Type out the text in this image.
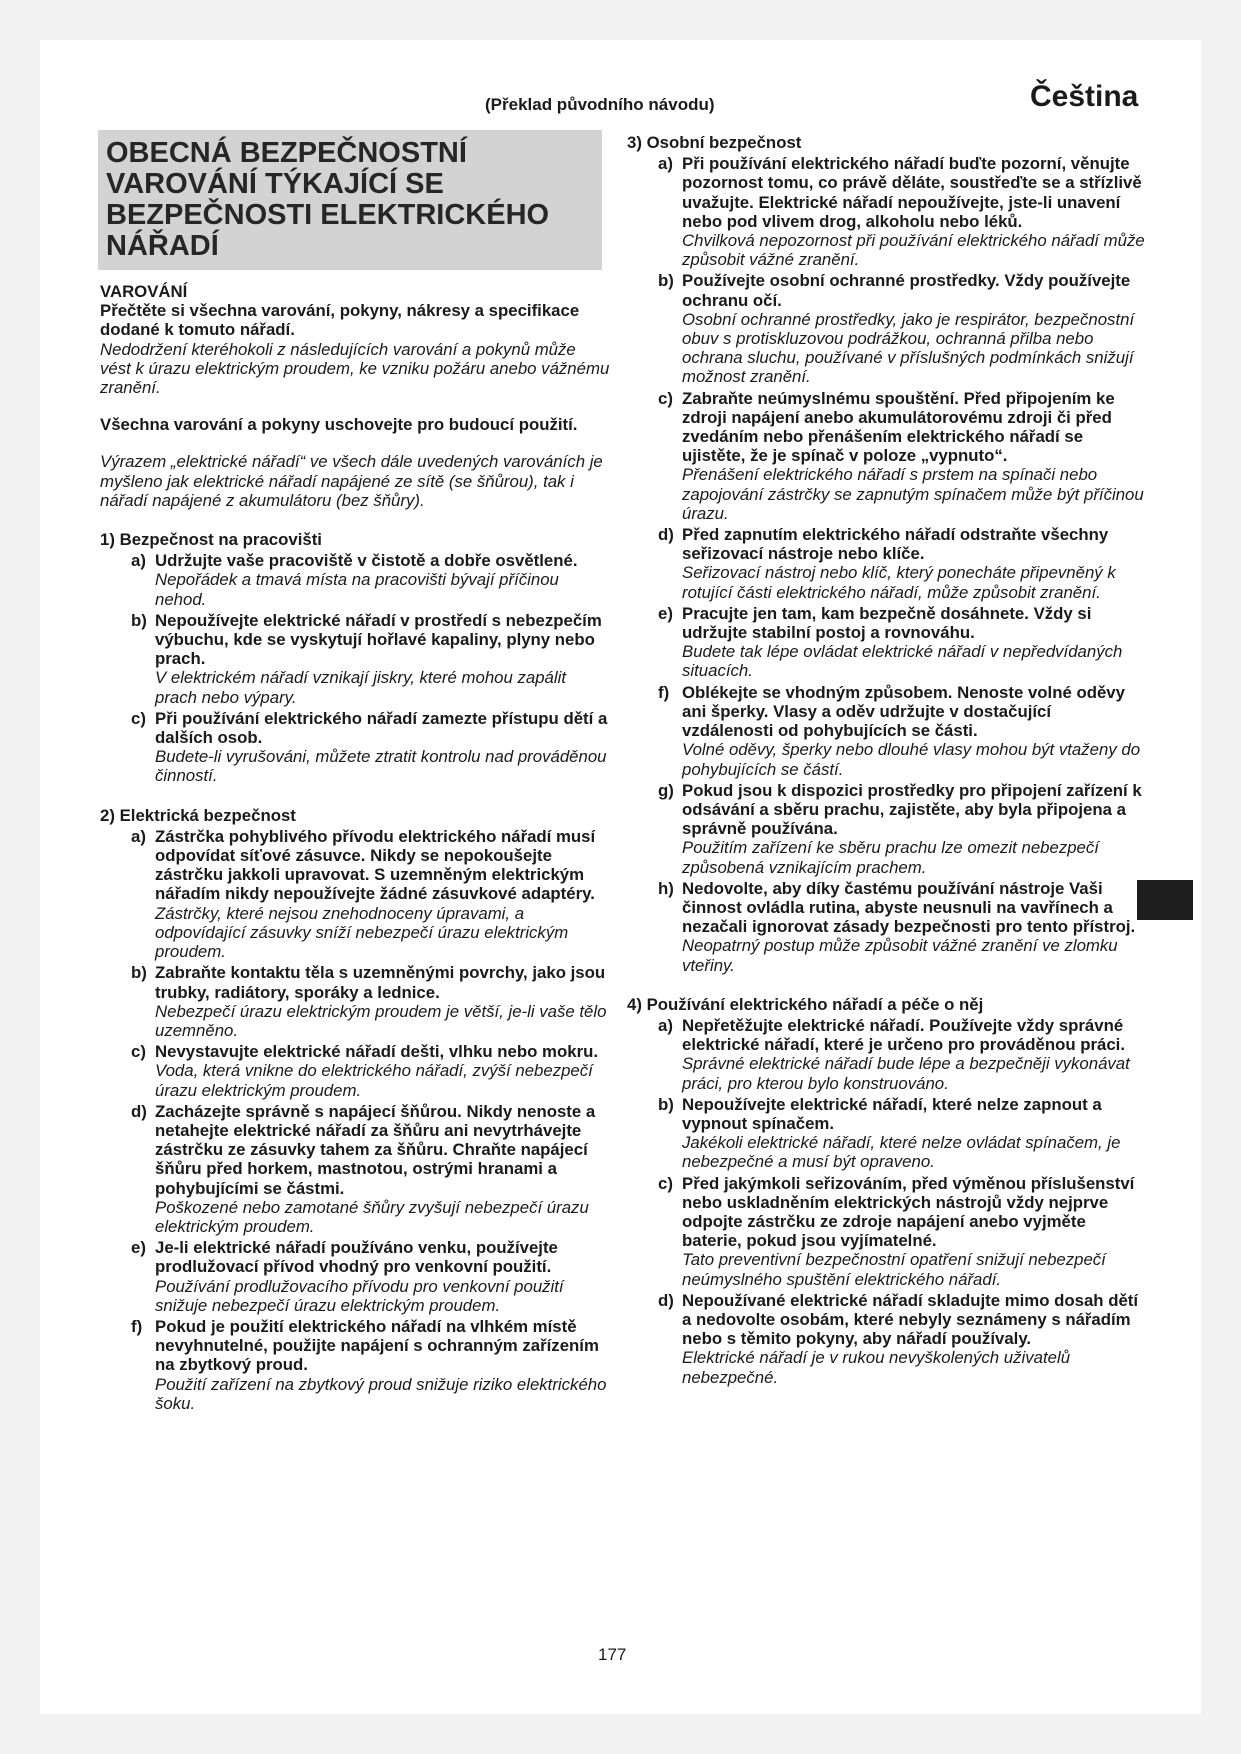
(Překlad původního návodu)	Čeština
OBECNÁ BEZPEČNOSTNÍ VAROVÁNÍ TÝKAJÍCÍ SE BEZPEČNOSTI ELEKTRICKÉHO NÁŘADÍ
VAROVÁNÍ

Přečtěte si všechna varování, pokyny, nákresy a specifikace dodané k tomuto nářadí.

Nedodržení kteréhokoli z následujících varování a pokynů může vést k úrazu elektrickým proudem, ke vzniku požáru anebo vážnému zranění.

Všechna varování a pokyny uschovejte pro budoucí použití.

Výrazem „elektrické nářadí“ ve všech dále uvedených varováních je myšleno jak elektrické nářadí napájené ze sítě (se šňůrou), tak i nářadí napájené z akumulátoru (bez šňůry).

1) Bezpečnost na pracovišti
a) Udržujte vaše pracoviště v čistotě a dobře osvětlené.
Nepořádek a tmavá místa na pracovišti bývají příčinou nehod.
b) Nepoužívejte elektrické nářadí v prostředí s nebezpečím výbuchu, kde se vyskytují hořlavé kapaliny, plyny nebo prach.
V elektrickém nářadí vznikají jiskry, které mohou zapálit prach nebo výpary.
c) Při používání elektrického nářadí zamezte přístupu dětí a dalších osob.
Budete-li vyrušováni, můžete ztratit kontrolu nad prováděnou činností.
2) Elektrická bezpečnost
a) Zástrčka pohyblivého přívodu elektrického nářadí musí odpovídat síťové zásuvce. Nikdy se nepokoušejte zástrčku jakkoli upravovat. S uzemněným elektrickým nářadím nikdy nepoužívejte žádné zásuvkové adaptéry.
Zástrčky, které nejsou znehodnoceny úpravami, a odpovídající zásuvky sníží nebezpečí úrazu elektrickým proudem.
b) Zabraňte kontaktu těla s uzemněnými povrchy, jako jsou trubky, radiátory, sporáky a lednice.
Nebezpečí úrazu elektrickým proudem je větší, je-li vaše tělo uzemněno.
c) Nevystavujte elektrické nářadí dešti, vlhku nebo mokru.
Voda, která vnikne do elektrického nářadí, zvýší nebezpečí úrazu elektrickým proudem.
d) Zacházejte správně s napájecí šňůrou. Nikdy nenoste a netahejte elektrické nářadí za šňůru ani nevytrhávejte zástrčku ze zásuvky tahem za šňůru. Chraňte napájecí šňůru před horkem, mastnotou, ostrými hranami a pohybujícími se částmi.
Poškozené nebo zamotané šňůry zvyšují nebezpečí úrazu elektrickým proudem.
e) Je-li elektrické nářadí používáno venku, používejte prodlužovací přívod vhodný pro venkovní použití.
Používání prodlužovacího přívodu pro venkovní použití snižuje nebezpečí úrazu elektrickým proudem.
f) Pokud je použití elektrického nářadí na vlhkém místě nevyhnutelné, použijte napájení s ochranným zařízením na zbytkový proud.
Použití zařízení na zbytkový proud snižuje riziko elektrického šoku.
3) Osobní bezpečnost
a) Při používání elektrického nářadí buďte pozorní, věnujte pozornost tomu, co právě děláte, soustřeďte se a střízlivě uvažujte. Elektrické nářadí nepoužívejte, jste-li unavení nebo pod vlivem drog, alkoholu nebo léků.
Chvilková nepozornost při používání elektrického nářadí může způsobit vážné zranění.
b) Používejte osobní ochranné prostředky. Vždy používejte ochranu očí.
Osobní ochranné prostředky, jako je respirátor, bezpečnostní obuv s protiskluzovou podrážkou, ochranná přilba nebo ochrana sluchu, používané v příslušných podmínkách snižují možnost zranění.
c) Zabraňte neúmyslnému spouštění. Před připojením ke zdroji napájení anebo akumulátorovému zdroji či před zvedáním nebo přenášením elektrického nářadí se ujistěte, že je spínač v poloze „vypnuto“.
Přenášení elektrického nářadí s prstem na spínači nebo zapojování zástrčky se zapnutým spínačem může být příčinou úrazu.
d) Před zapnutím elektrického nářadí odstraňte všechny seřizovací nástroje nebo klíče.
Seřizovací nástroj nebo klíč, který ponecháte připevněný k rotující části elektrického nářadí, může způsobit zranění.
e) Pracujte jen tam, kam bezpečně dosáhnete. Vždy si udržujte stabilní postoj a rovnováhu.
Budete tak lépe ovládat elektrické nářadí v nepředvídaných situacích.
f) Oblékejte se vhodným způsobem. Nenoste volné oděvy ani šperky. Vlasy a oděv udržujte v dostačující vzdálenosti od pohybujících se části.
Volné oděvy, šperky nebo dlouhé vlasy mohou být vtaženy do pohybujících se částí.
g) Pokud jsou k dispozici prostředky pro připojení zařízení k odsávání a sběru prachu, zajistěte, aby byla připojena a správně používána.
Použitím zařízení ke sběru prachu lze omezit nebezpečí způsobená vznikajícím prachem.
h) Nedovolte, aby díky častému používání nástroje Vaši činnost ovládla rutina, abyste neusnuli na vavřínech a nezačali ignorovat zásady bezpečnosti pro tento přístroj.
Neopatrný postup může způsobit vážné zranění ve zlomku vteřiny.
4) Používání elektrického nářadí a péče o něj
a) Nepřetěžujte elektrické nářadí. Používejte vždy správné elektrické nářadí, které je určeno pro prováděnou práci.
Správné elektrické nářadí bude lépe a bezpečněji vykonávat práci, pro kterou bylo konstruováno.
b) Nepoužívejte elektrické nářadí, které nelze zapnout a vypnout spínačem.
Jakékoli elektrické nářadí, které nelze ovládat spínačem, je nebezpečné a musí být opraveno.
c) Před jakýmkoli seřizováním, před výměnou příslušenství nebo uskladněním elektrických nástrojů vždy nejprve odpojte zástrčku ze zdroje napájení anebo vyjměte baterie, pokud jsou vyjímatelné.
Tato preventivní bezpečnostní opatření snižují nebezpečí neúmyslného spuštění elektrického nářadí.
d) Nepoužívané elektrické nářadí skladujte mimo dosah dětí a nedovolte osobám, které nebyly seznámeny s nářadím nebo s těmito pokyny, aby nářadí používaly.
Elektrické nářadí je v rukou nevyškolených uživatelů nebezpečné.
177
